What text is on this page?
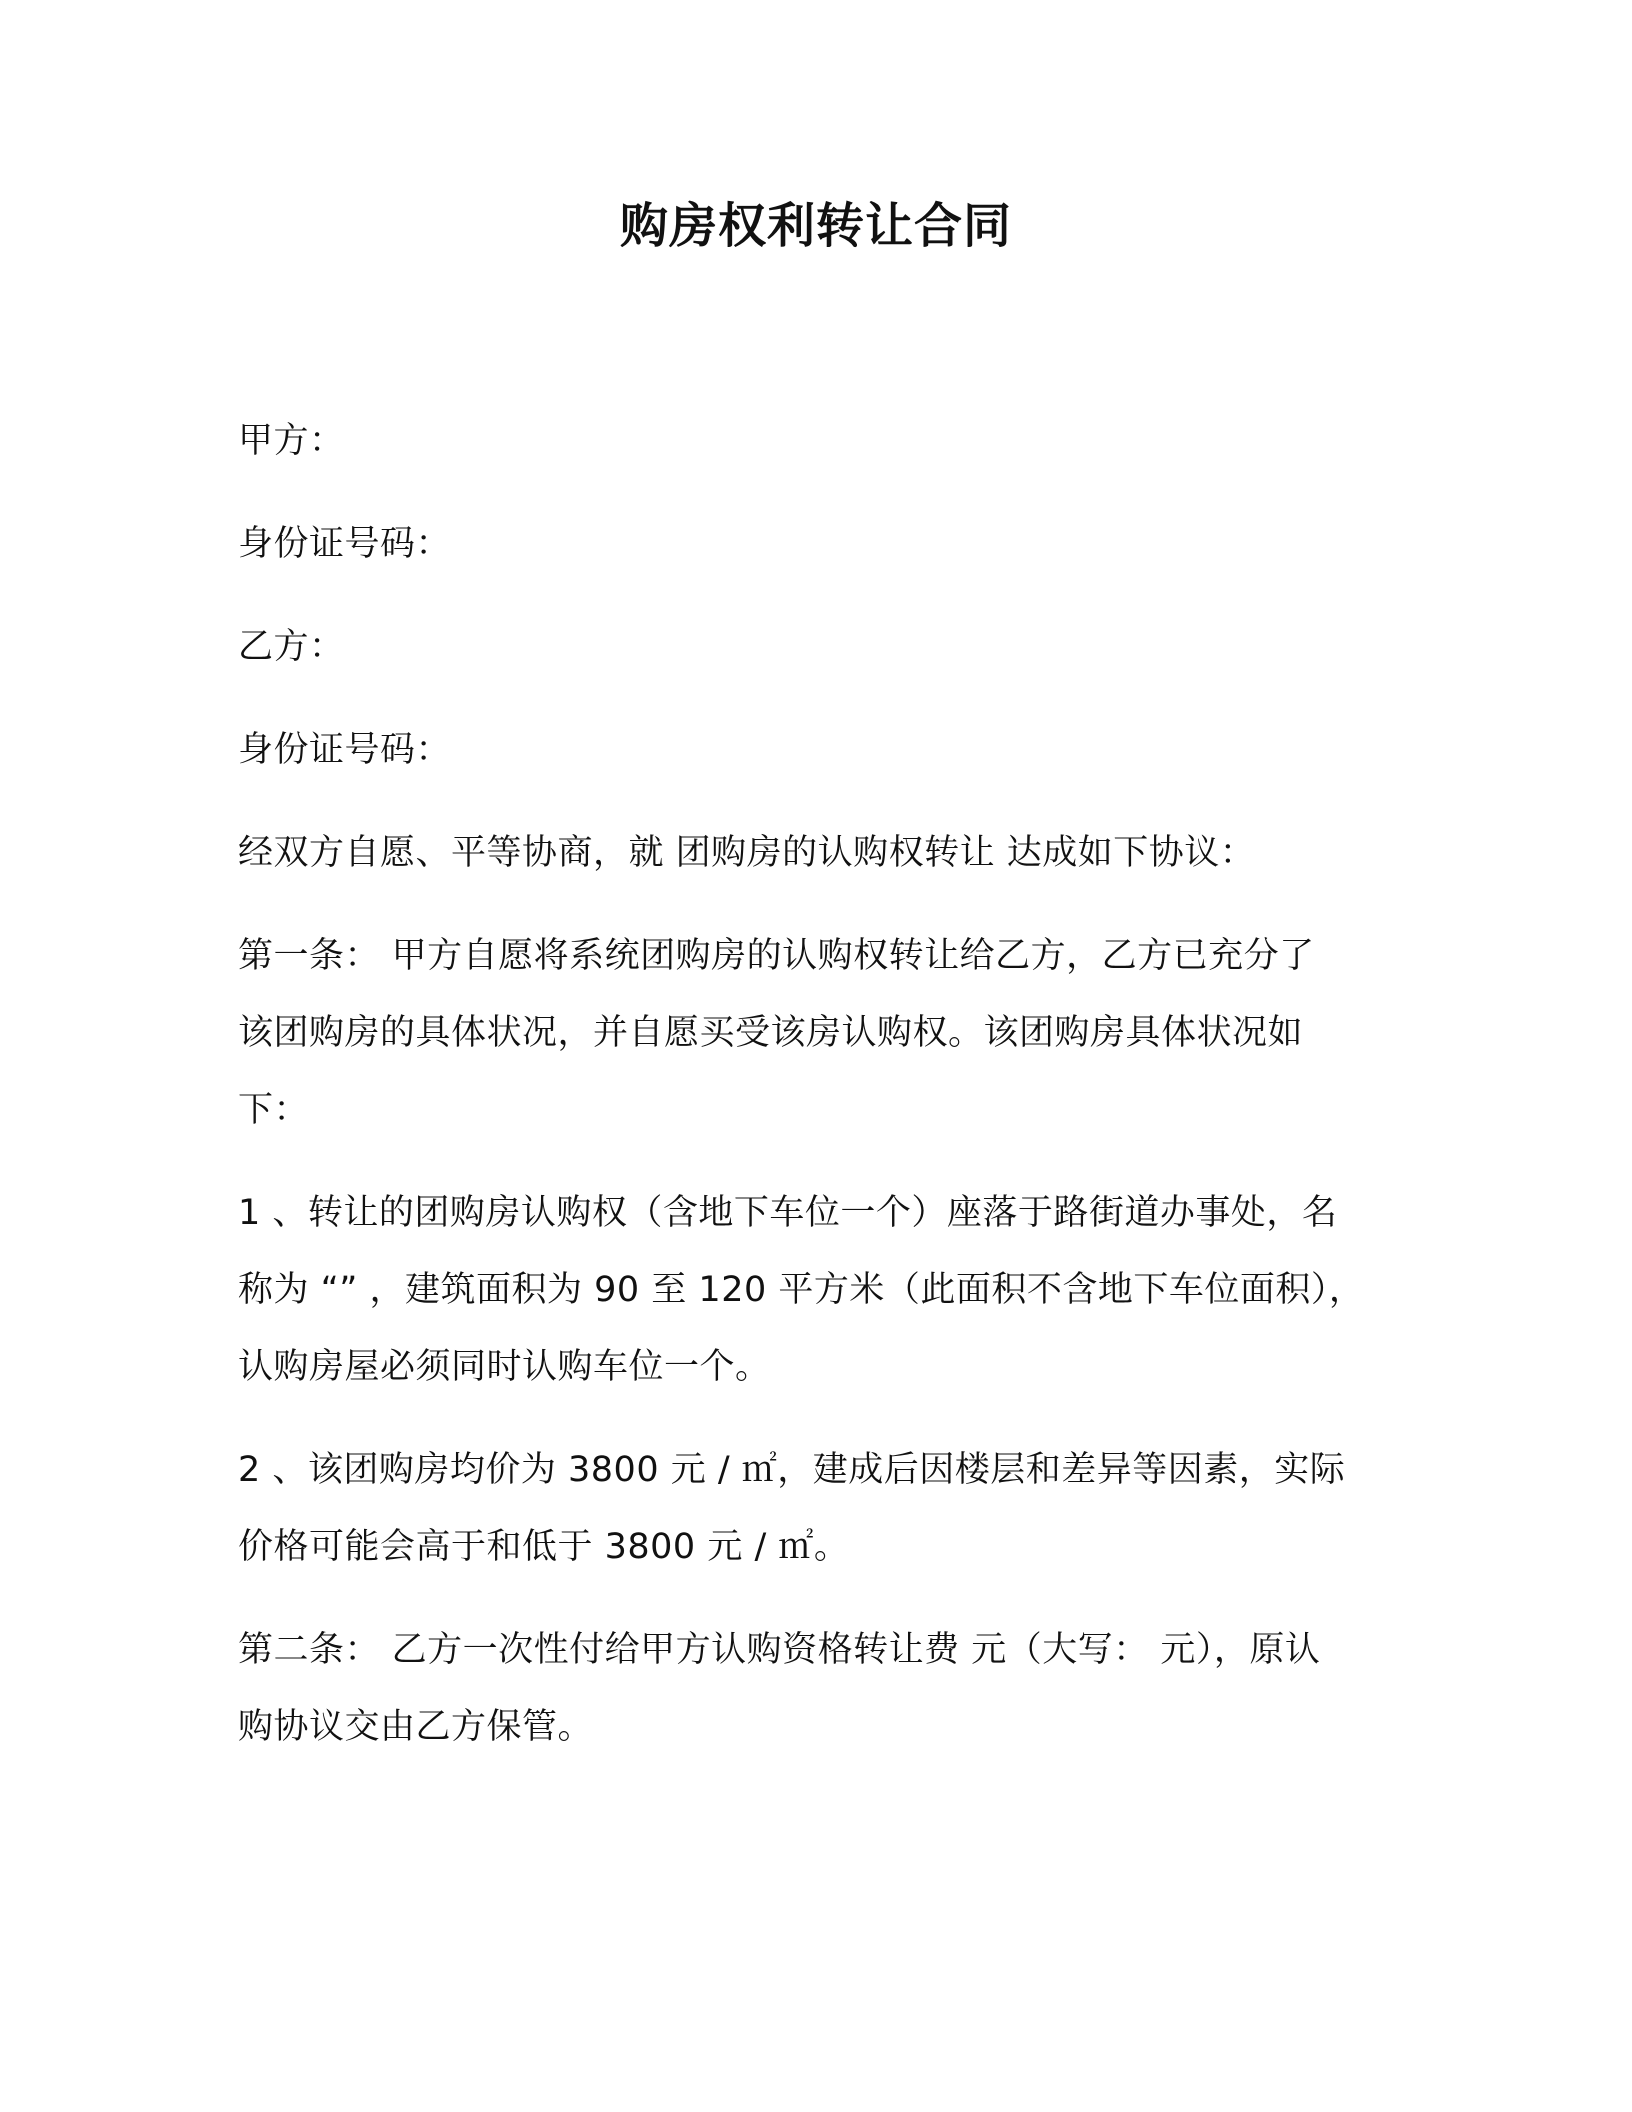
购房权利转让合同
甲方：
身份证号码：
乙方：
身份证号码：
经双方自愿、平等协商，就 团购房的认购权转让 达成如下协议：
第一条： 甲方自愿将系统团购房的认购权转让给乙方，乙方已充分了
该团购房的具体状况，并自愿买受该房认购权。该团购房具体状况如
下：
1 、转让的团购房认购权（含地下车位一个）座落于路街道办事处，名
称为 “” ，建筑面积为 90 至 120 平方米（此面积不含地下车位面积），
认购房屋必须同时认购车位一个。
2 、该团购房均价为 3800 元 / ㎡，建成后因楼层和差异等因素，实际
价格可能会高于和低于 3800 元 / ㎡。
第二条： 乙方一次性付给甲方认购资格转让费 元（大写： 元），原认
购协议交由乙方保管。
